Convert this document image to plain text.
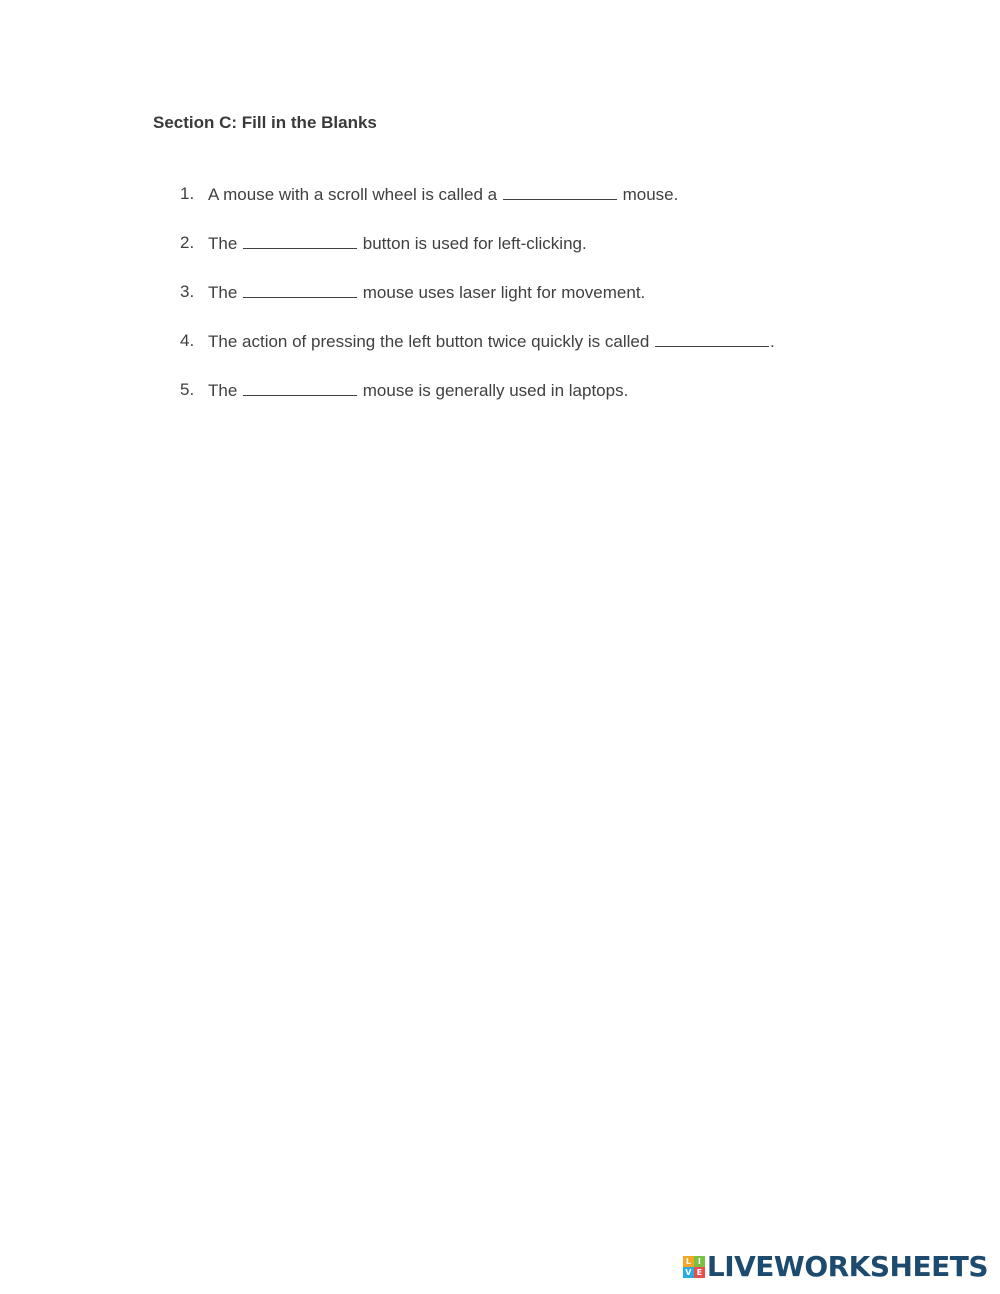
Section C: Fill in the Blanks
1. A mouse with a scroll wheel is called a	mouse.
2. The	button is used for left-clicking.
3. The	mouse uses laser light for movement.
4. The action of pressing the left button twice quickly is called	.
5. The	mouse is generally used in laptops.
L I
V E LIVEWORKSHEETS
